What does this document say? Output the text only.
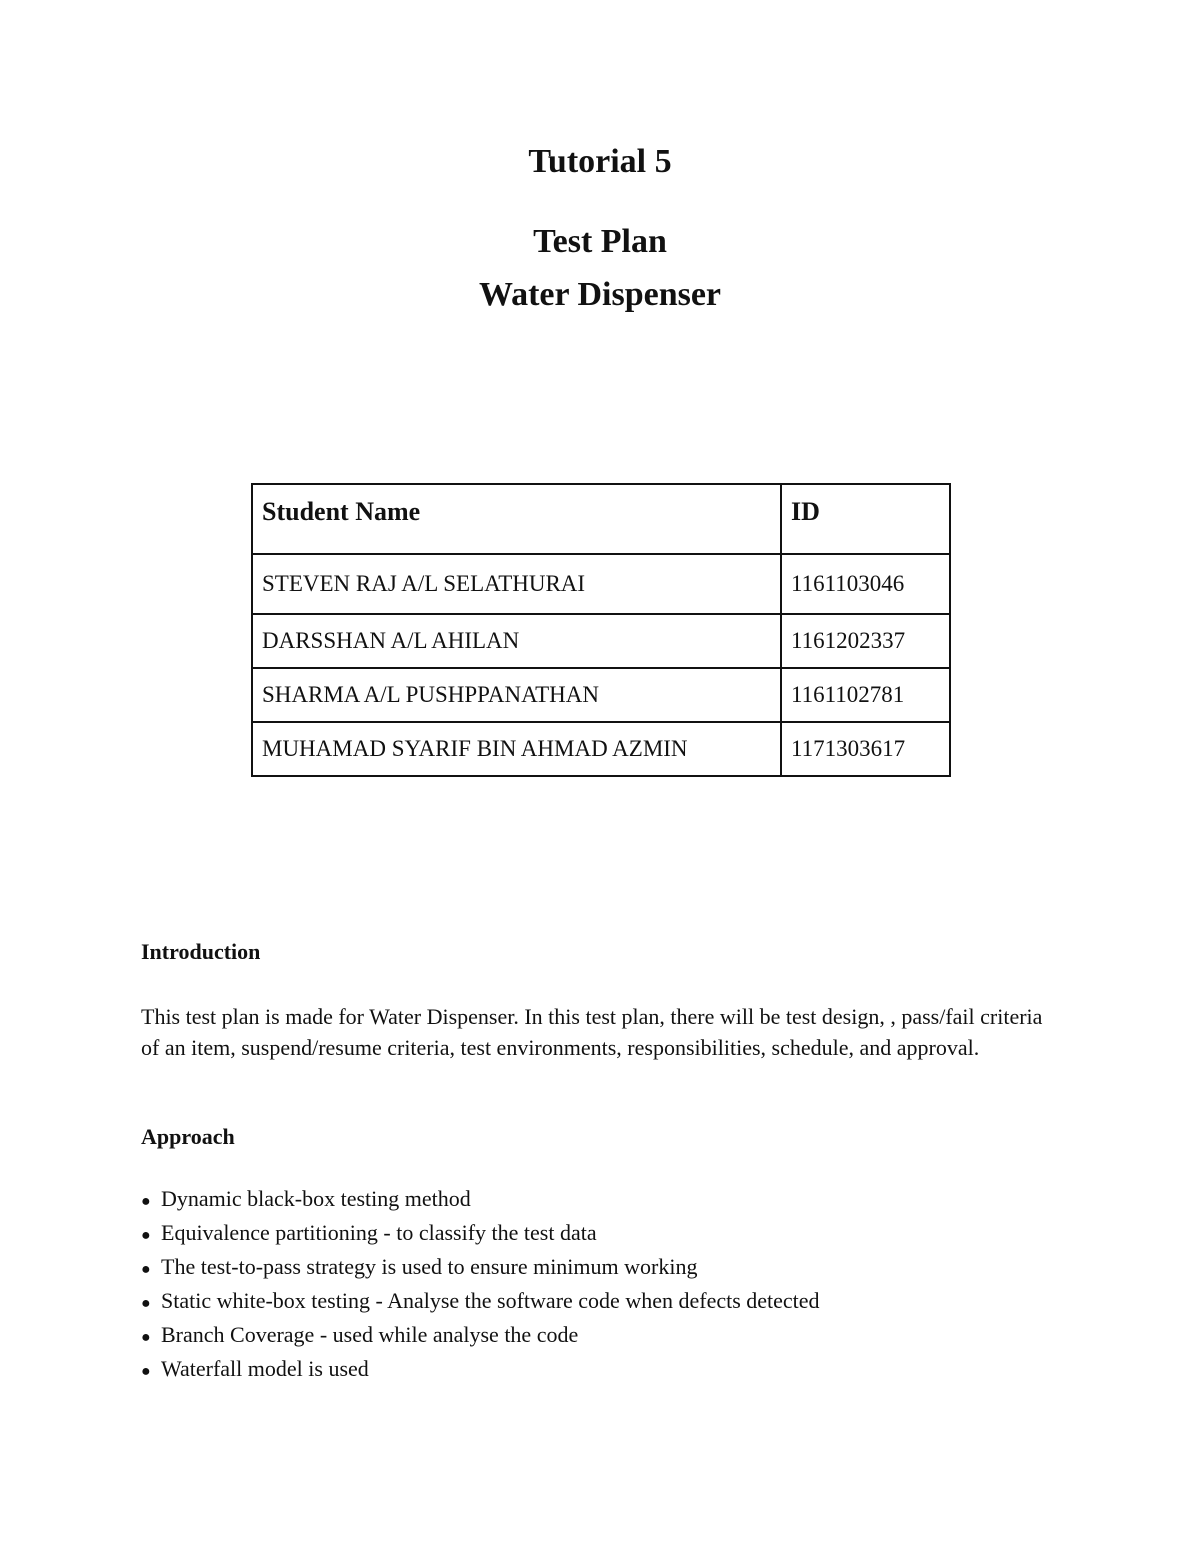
Tutorial 5
Test Plan
Water Dispenser
Student Name	ID
STEVEN RAJ A/L SELATHURAI	1161103046
DARSSHAN A/L AHILAN	1161202337
SHARMA A/L PUSHPPANATHAN	1161102781
MUHAMAD SYARIF BIN AHMAD AZMIN	1171303617
Introduction

This test plan is made for Water Dispenser. In this test plan, there will be test design, , pass/fail criteria of an item, suspend/resume criteria, test environments, responsibilities, schedule, and approval.

Approach
● Dynamic black-box testing method
● Equivalence partitioning - to classify the test data
● The test-to-pass strategy is used to ensure minimum working
● Static white-box testing - Analyse the software code when defects detected
● Branch Coverage - used while analyse the code
● Waterfall model is used
